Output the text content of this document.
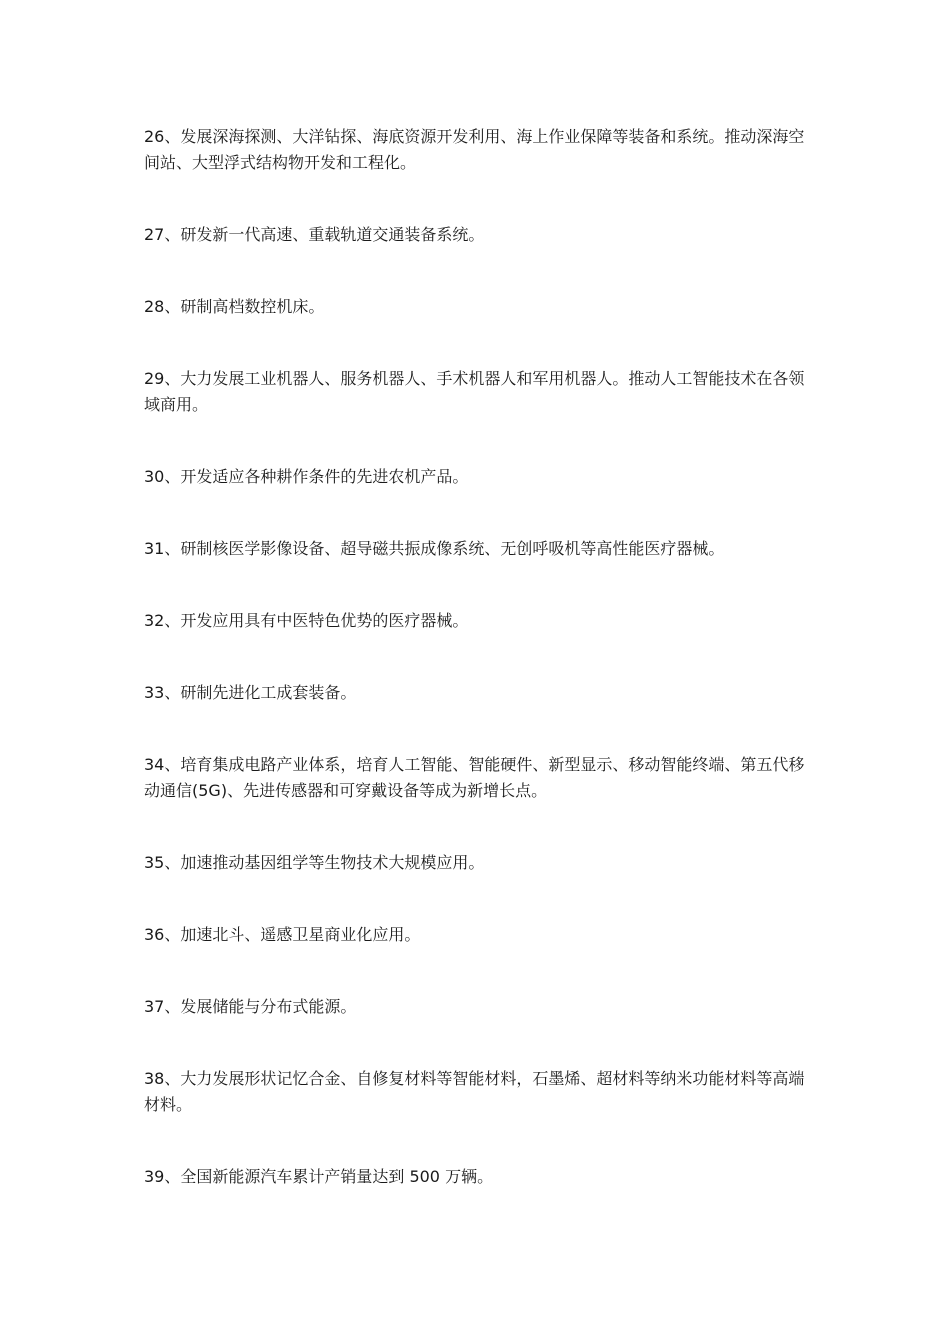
26、发展深海探测、大洋钻探、海底资源开发利用、海上作业保障等装备和系统。推动深海空间站、大型浮式结构物开发和工程化。

27、研发新一代高速、重载轨道交通装备系统。

28、研制高档数控机床。

29、大力发展工业机器人、服务机器人、手术机器人和军用机器人。推动人工智能技术在各领域商用。

30、开发适应各种耕作条件的先进农机产品。

31、研制核医学影像设备、超导磁共振成像系统、无创呼吸机等高性能医疗器械。

32、开发应用具有中医特色优势的医疗器械。

33、研制先进化工成套装备。

34、培育集成电路产业体系，培育人工智能、智能硬件、新型显示、移动智能终端、第五代移动通信(5G)、先进传感器和可穿戴设备等成为新增长点。

35、加速推动基因组学等生物技术大规模应用。

36、加速北斗、遥感卫星商业化应用。

37、发展储能与分布式能源。

38、大力发展形状记忆合金、自修复材料等智能材料，石墨烯、超材料等纳米功能材料等高端材料。

39、全国新能源汽车累计产销量达到 500 万辆。
